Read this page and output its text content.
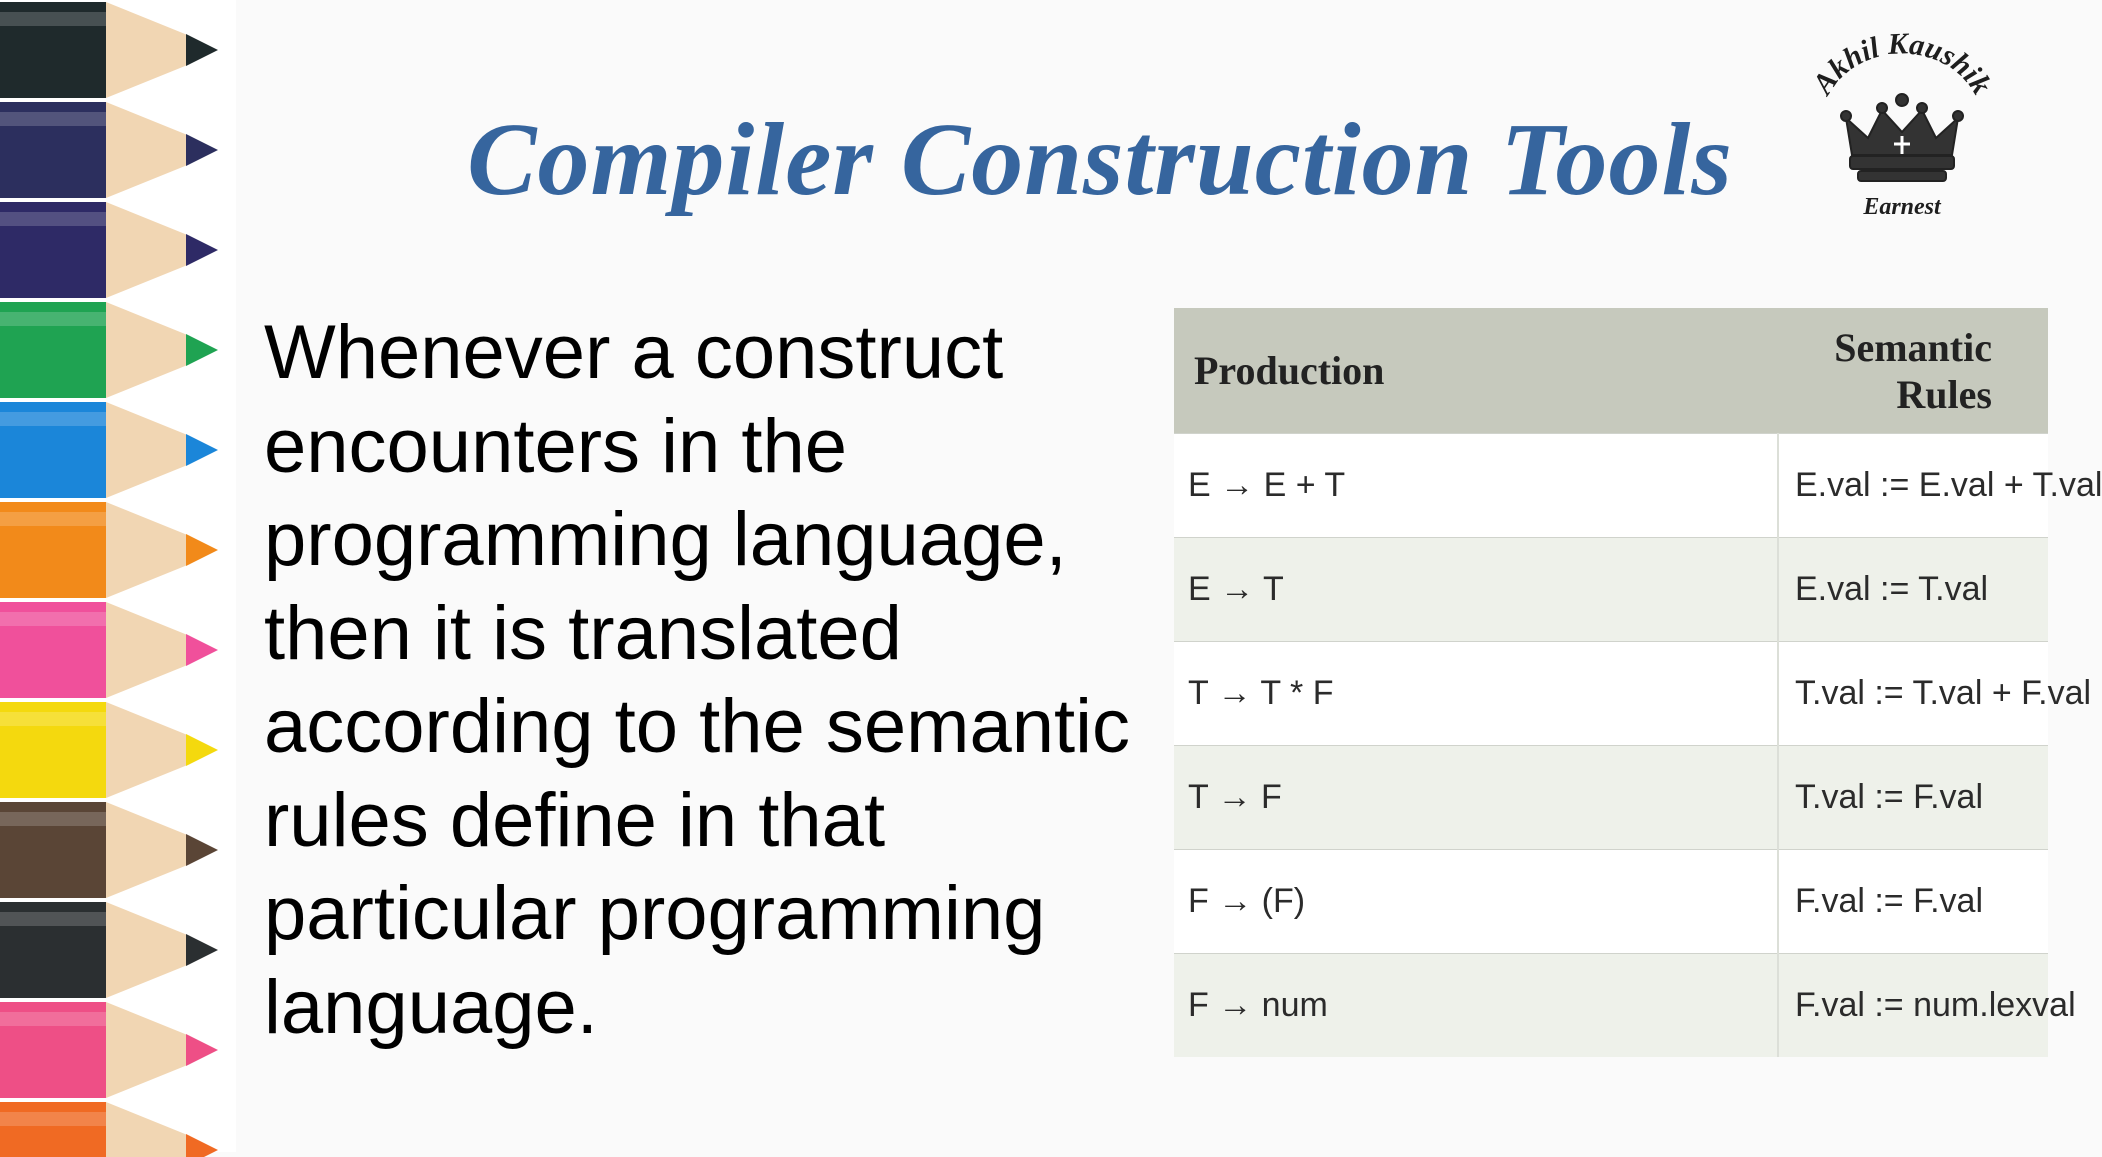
Compiler Construction Tools
Akhil Kaushik
Earnest

Whenever a construct
encounters in the
programming language,
then it is translated
according to the semantic
rules define in that
particular programming
language.

Production	Semantic Rules
E → E + T	E.val := E.val + T.val
E → T	E.val := T.val
T → T * F	T.val := T.val + F.val
T → F	T.val := F.val
F → (F)	F.val := F.val
F → num	F.val := num.lexval
